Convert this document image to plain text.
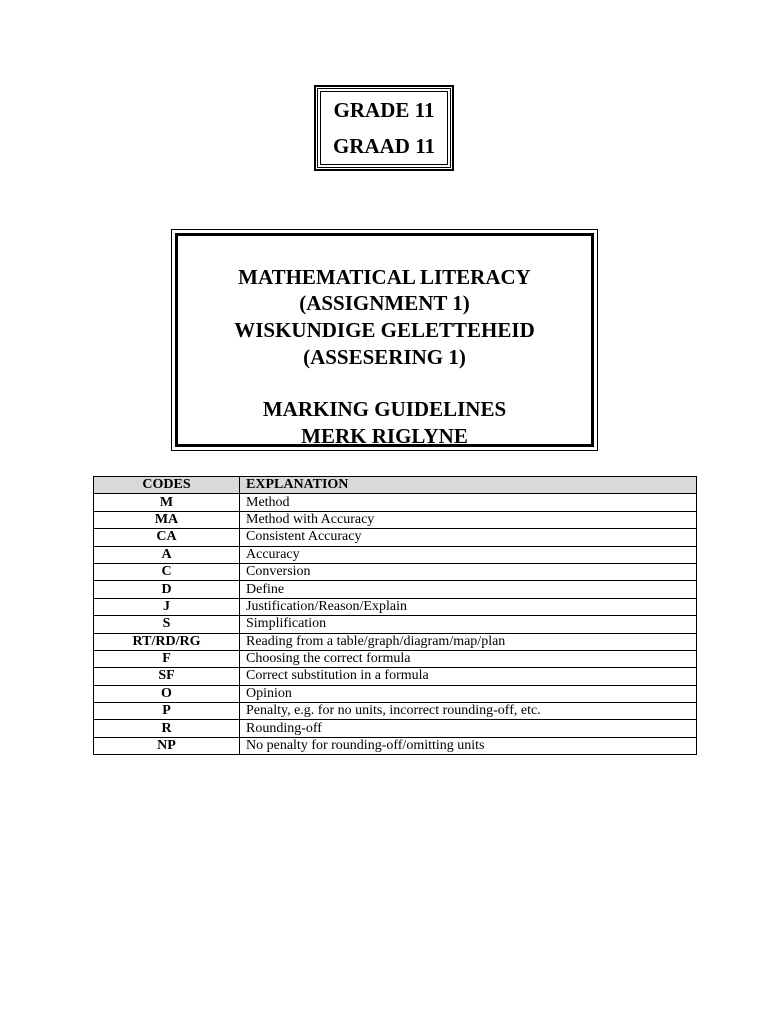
GRADE 11
GRAAD 11
MATHEMATICAL LITERACY
(ASSIGNMENT 1)
WISKUNDIGE GELETTEHEID
(ASSESERING 1)
MARKING GUIDELINES
MERK RIGLYNE
CODES	EXPLANATION
M	Method
MA	Method with Accuracy
CA	Consistent Accuracy
A	Accuracy
C	Conversion
D	Define
J	Justification/Reason/Explain
S	Simplification
RT/RD/RG	Reading from a table/graph/diagram/map/plan
F	Choosing the correct formula
SF	Correct substitution in a formula
O	Opinion
P	Penalty, e.g. for no units, incorrect rounding-off, etc.
R	Rounding-off
NP	No penalty for rounding-off/omitting units
